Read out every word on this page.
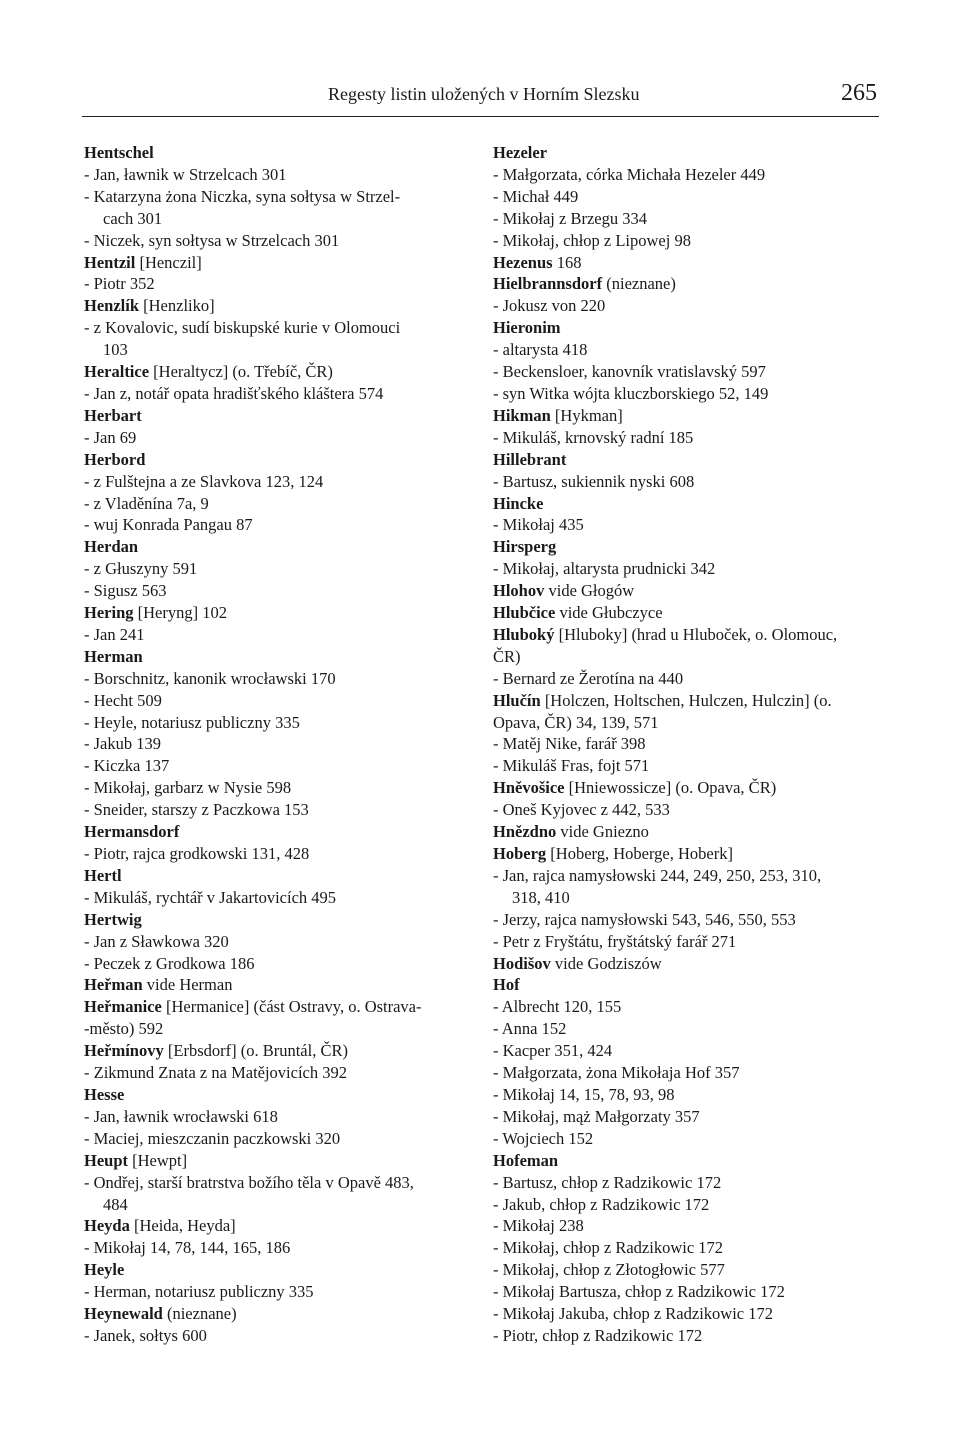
Regesty listin uložených v Horním Slezsku	265
Hentschel
- Jan, ławnik w Strzelcach 301
- Katarzyna żona Niczka, syna sołtysa w Strzel-
cach 301
- Niczek, syn sołtysa w Strzelcach 301
Hentzil [Henczil]
- Piotr 352
Henzlík [Henzliko]
- z Kovalovic, sudí biskupské kurie v Olomouci
103
Heraltice [Heraltycz] (o. Třebíč, ČR)
- Jan z, notář opata hradišťského kláštera 574
Herbart
- Jan 69
Herbord
- z Fulštejna a ze Slavkova 123, 124
- z Vladěnína 7a, 9
- wuj Konrada Pangau 87
Herdan
- z Głuszyny 591
- Sigusz 563
Hering [Heryng] 102
- Jan 241
Herman
- Borschnitz, kanonik wrocławski 170
- Hecht 509
- Heyle, notariusz publiczny 335
- Jakub 139
- Kiczka 137
- Mikołaj, garbarz w Nysie 598
- Sneider, starszy z Paczkowa 153
Hermansdorf
- Piotr, rajca grodkowski 131, 428
Hertl
- Mikuláš, rychtář v Jakartovicích 495
Hertwig
- Jan z Sławkowa 320
- Peczek z Grodkowa 186
Heřman vide Herman
Heřmanice [Hermanice] (část Ostravy, o. Ostrava-
-město) 592
Heřmínovy [Erbsdorf] (o. Bruntál, ČR)
- Zikmund Znata z na Matějovicích 392
Hesse
- Jan, ławnik wrocławski 618
- Maciej, mieszczanin paczkowski 320
Heupt [Hewpt]
- Ondřej, starší bratrstva božího těla v Opavě 483,
484
Heyda [Heida, Heyda]
- Mikołaj 14, 78, 144, 165, 186
Heyle
- Herman, notariusz publiczny 335
Heynewald (nieznane)
- Janek, sołtys 600
Hezeler
- Małgorzata, córka Michała Hezeler 449
- Michał 449
- Mikołaj z Brzegu 334
- Mikołaj, chłop z Lipowej 98
Hezenus 168
Hielbrannsdorf (nieznane)
- Jokusz von 220
Hieronim
- altarysta 418
- Beckensloer, kanovník vratislavský 597
- syn Witka wójta kluczborskiego 52, 149
Hikman [Hykman]
- Mikuláš, krnovský radní 185
Hillebrant
- Bartusz, sukiennik nyski 608
Hincke
- Mikołaj 435
Hirsperg
- Mikołaj, altarysta prudnicki 342
Hlohov vide Głogów
Hlubčice vide Głubczyce
Hluboký [Hluboky] (hrad u Hluboček, o. Olomouc,
ČR)
- Bernard ze Žerotína na 440
Hlučín [Holczen, Holtschen, Hulczen, Hulczin] (o.
Opava, ČR) 34, 139, 571
- Matěj Nike, farář 398
- Mikuláš Fras, fojt 571
Hněvošice [Hniewossicze] (o. Opava, ČR)
- Oneš Kyjovec z 442, 533
Hnězdno vide Gniezno
Hoberg [Hoberg, Hoberge, Hoberk]
- Jan, rajca namysłowski 244, 249, 250, 253, 310,
318, 410
- Jerzy, rajca namysłowski 543, 546, 550, 553
- Petr z Fryštátu, fryštátský farář 271
Hodišov vide Godziszów
Hof
- Albrecht 120, 155
- Anna 152
- Kacper 351, 424
- Małgorzata, żona Mikołaja Hof 357
- Mikołaj 14, 15, 78, 93, 98
- Mikołaj, mąż Małgorzaty 357
- Wojciech 152
Hofeman
- Bartusz, chłop z Radzikowic 172
- Jakub, chłop z Radzikowic 172
- Mikołaj 238
- Mikołaj, chłop z Radzikowic 172
- Mikołaj, chłop z Złotogłowic 577
- Mikołaj Bartusza, chłop z Radzikowic 172
- Mikołaj Jakuba, chłop z Radzikowic 172
- Piotr, chłop z Radzikowic 172
